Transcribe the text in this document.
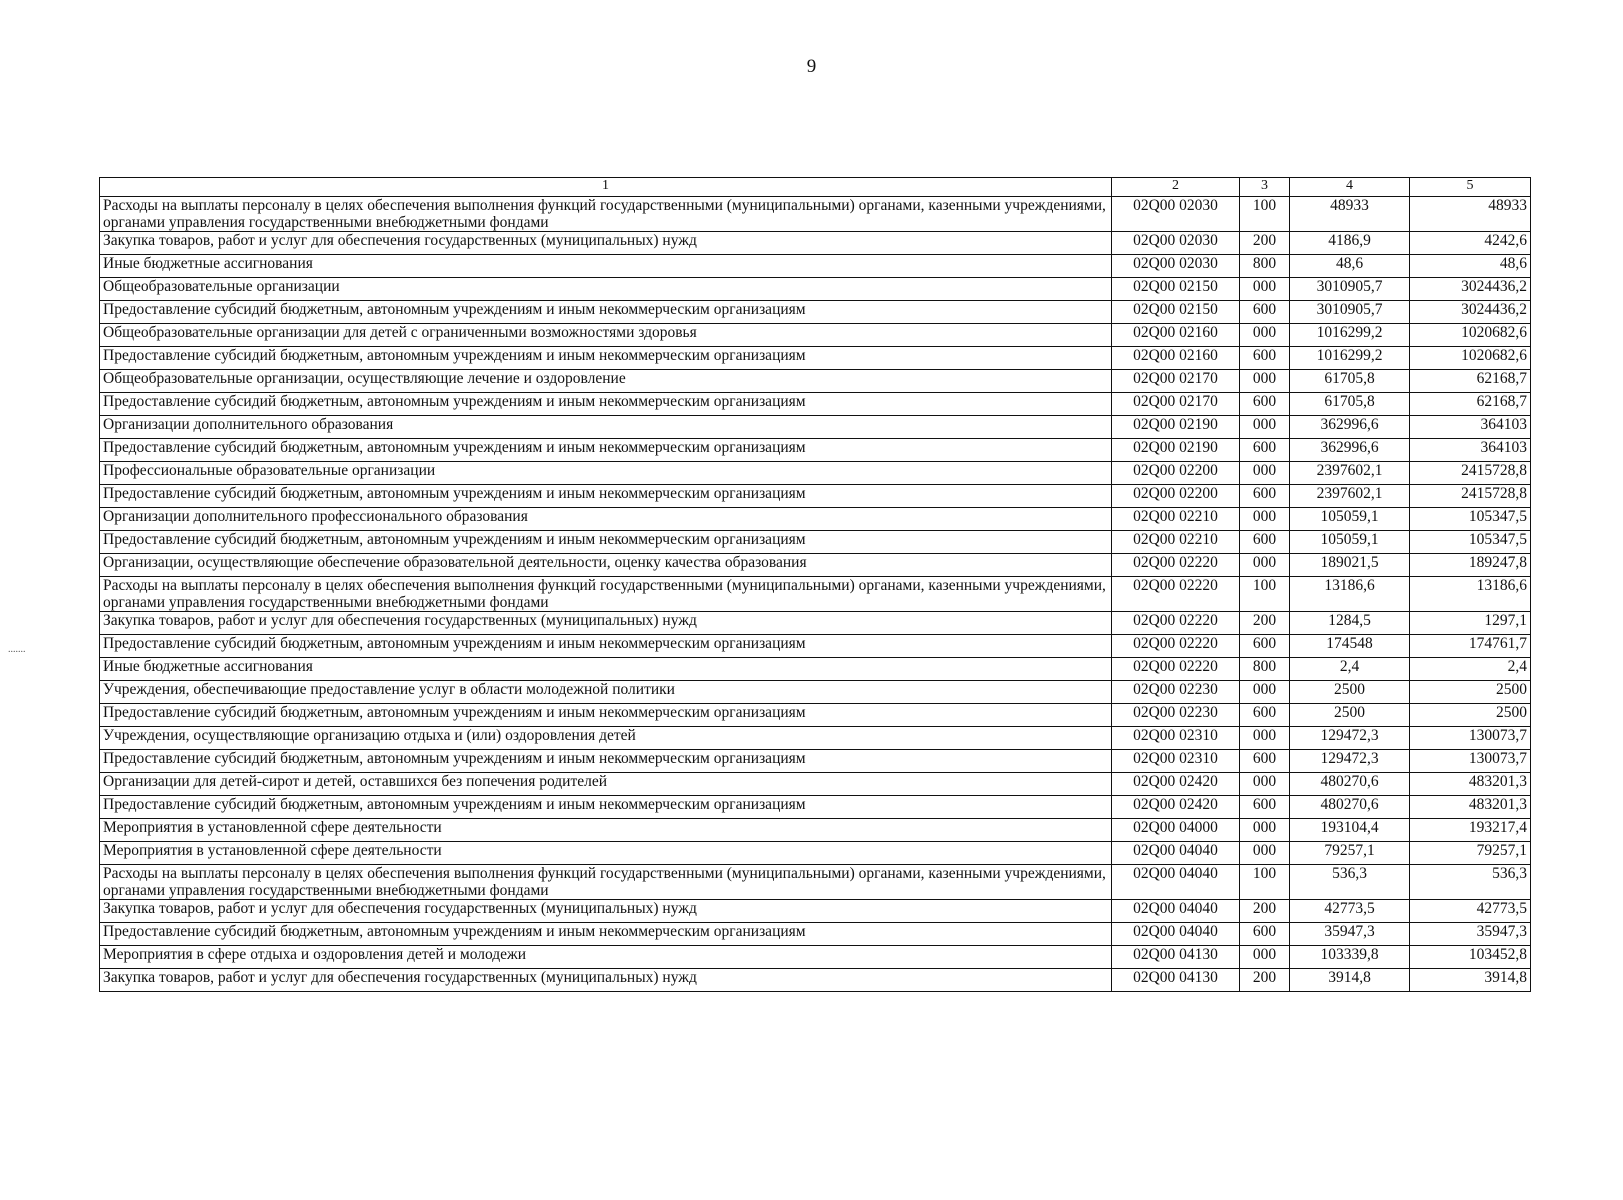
9
1	2	3	4	5
Расходы на выплаты персоналу в целях обеспечения выполнения функций государственными (муниципальными) органами, казенными учреждениями, органами управления государственными внебюджетными фондами	02Q00 02030	100	48933	48933
Закупка товаров, работ и услуг для обеспечения государственных (муниципальных) нужд	02Q00 02030	200	4186,9	4242,6
Иные бюджетные ассигнования	02Q00 02030	800	48,6	48,6
Общеобразовательные организации	02Q00 02150	000	3010905,7	3024436,2
Предоставление субсидий бюджетным, автономным учреждениям и иным некоммерческим организациям	02Q00 02150	600	3010905,7	3024436,2
Общеобразовательные организации для детей с ограниченными возможностями здоровья	02Q00 02160	000	1016299,2	1020682,6
Предоставление субсидий бюджетным, автономным учреждениям и иным некоммерческим организациям	02Q00 02160	600	1016299,2	1020682,6
Общеобразовательные организации, осуществляющие лечение и оздоровление	02Q00 02170	000	61705,8	62168,7
Предоставление субсидий бюджетным, автономным учреждениям и иным некоммерческим организациям	02Q00 02170	600	61705,8	62168,7
Организации дополнительного образования	02Q00 02190	000	362996,6	364103
Предоставление субсидий бюджетным, автономным учреждениям и иным некоммерческим организациям	02Q00 02190	600	362996,6	364103
Профессиональные образовательные организации	02Q00 02200	000	2397602,1	2415728,8
Предоставление субсидий бюджетным, автономным учреждениям и иным некоммерческим организациям	02Q00 02200	600	2397602,1	2415728,8
Организации дополнительного профессионального образования	02Q00 02210	000	105059,1	105347,5
Предоставление субсидий бюджетным, автономным учреждениям и иным некоммерческим организациям	02Q00 02210	600	105059,1	105347,5
Организации, осуществляющие обеспечение образовательной деятельности, оценку качества образования	02Q00 02220	000	189021,5	189247,8
Расходы на выплаты персоналу в целях обеспечения выполнения функций государственными (муниципальными) органами, казенными учреждениями, органами управления государственными внебюджетными фондами	02Q00 02220	100	13186,6	13186,6
Закупка товаров, работ и услуг для обеспечения государственных (муниципальных) нужд	02Q00 02220	200	1284,5	1297,1
Предоставление субсидий бюджетным, автономным учреждениям и иным некоммерческим организациям	02Q00 02220	600	174548	174761,7
Иные бюджетные ассигнования	02Q00 02220	800	2,4	2,4
Учреждения, обеспечивающие предоставление услуг в области молодежной политики	02Q00 02230	000	2500	2500
Предоставление субсидий бюджетным, автономным учреждениям и иным некоммерческим организациям	02Q00 02230	600	2500	2500
Учреждения, осуществляющие организацию отдыха и (или) оздоровления детей	02Q00 02310	000	129472,3	130073,7
Предоставление субсидий бюджетным, автономным учреждениям и иным некоммерческим организациям	02Q00 02310	600	129472,3	130073,7
Организации для детей-сирот и детей, оставшихся без попечения родителей	02Q00 02420	000	480270,6	483201,3
Предоставление субсидий бюджетным, автономным учреждениям и иным некоммерческим организациям	02Q00 02420	600	480270,6	483201,3
Мероприятия в установленной сфере деятельности	02Q00 04000	000	193104,4	193217,4
Мероприятия в установленной сфере деятельности	02Q00 04040	000	79257,1	79257,1
Расходы на выплаты персоналу в целях обеспечения выполнения функций государственными (муниципальными) органами, казенными учреждениями, органами управления государственными внебюджетными фондами	02Q00 04040	100	536,3	536,3
Закупка товаров, работ и услуг для обеспечения государственных (муниципальных) нужд	02Q00 04040	200	42773,5	42773,5
Предоставление субсидий бюджетным, автономным учреждениям и иным некоммерческим организациям	02Q00 04040	600	35947,3	35947,3
Мероприятия в сфере отдыха и оздоровления детей и молодежи	02Q00 04130	000	103339,8	103452,8
Закупка товаров, работ и услуг для обеспечения государственных (муниципальных) нужд	02Q00 04130	200	3914,8	3914,8
.......
